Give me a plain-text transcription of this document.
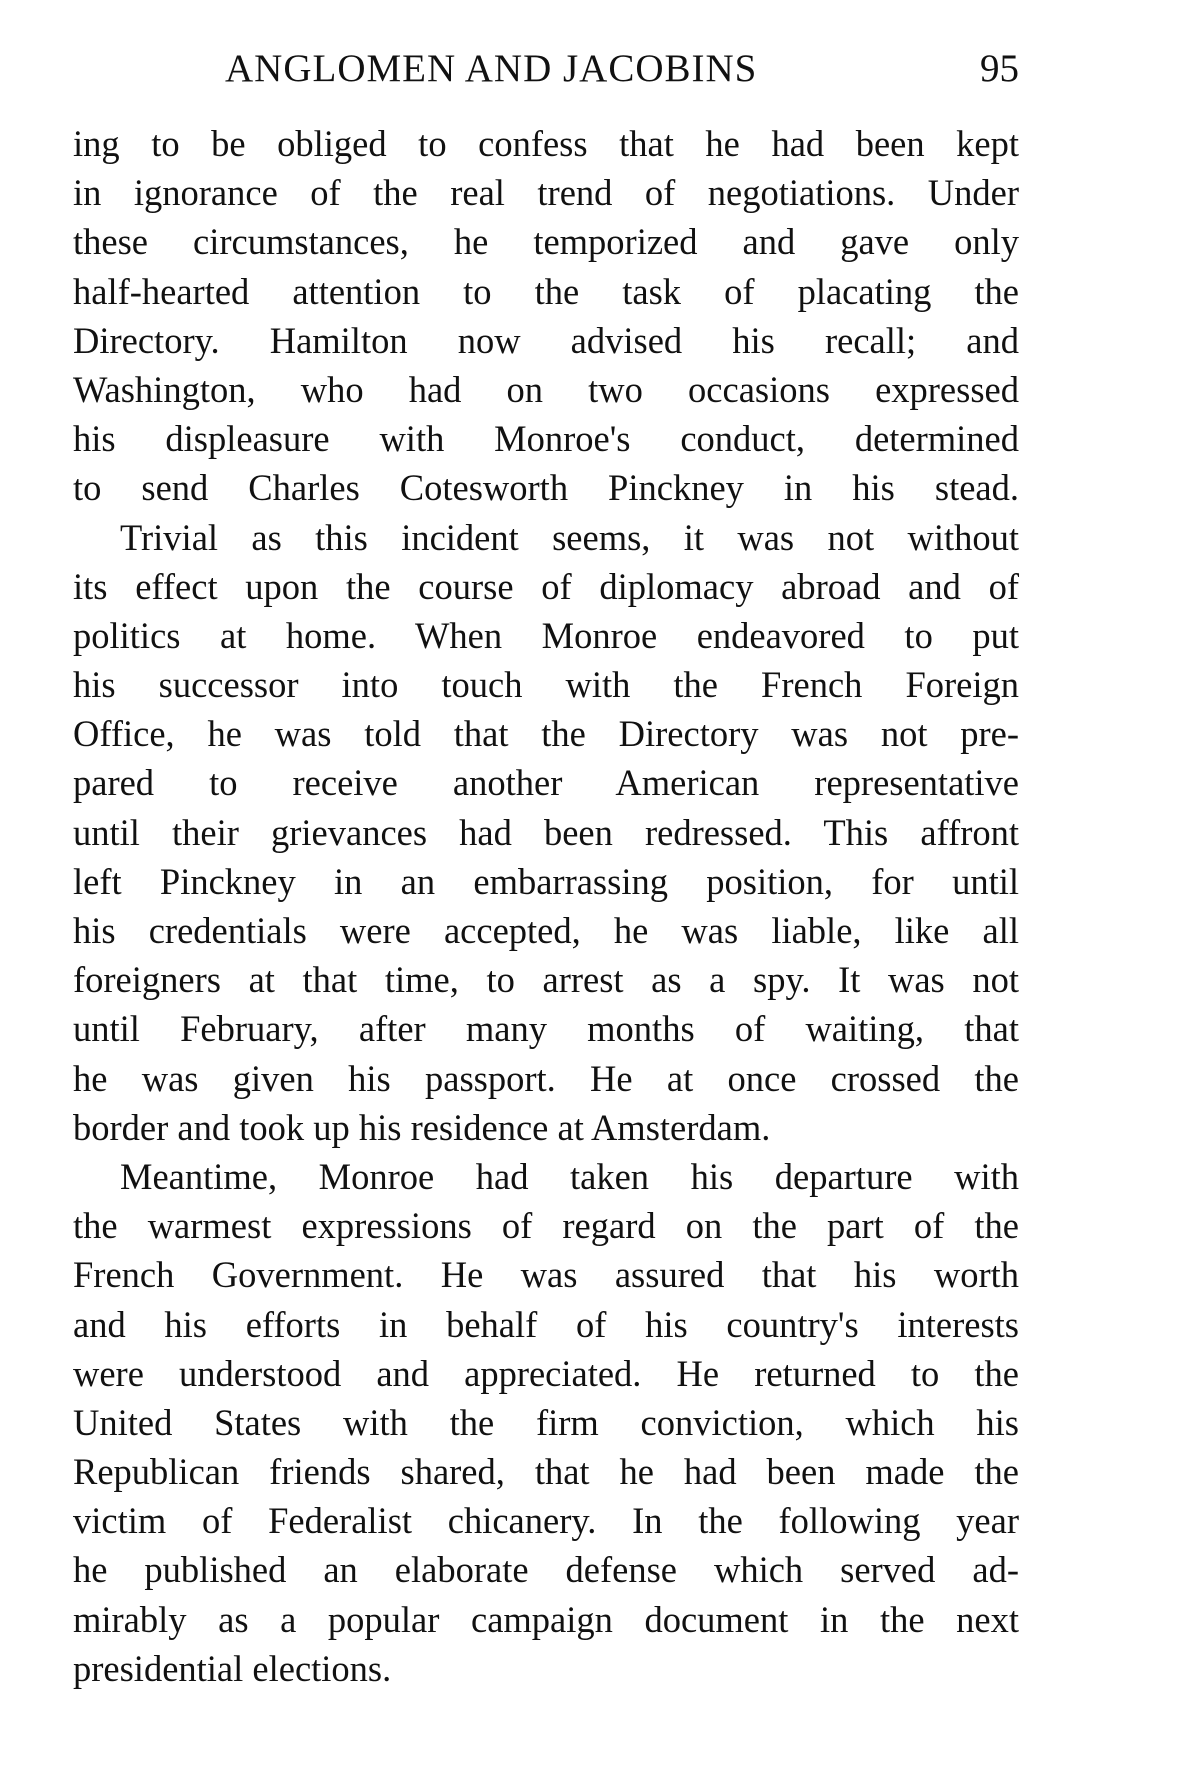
ANGLOMEN AND JACOBINS	95
ing to be obliged to confess that he had been kept
in ignorance of the real trend of negotiations. Under
these circumstances, he temporized and gave only
half-hearted attention to the task of placating the
Directory. Hamilton now advised his recall; and
Washington, who had on two occasions expressed
his displeasure with Monroe's conduct, determined
to send Charles Cotesworth Pinckney in his stead.
Trivial as this incident seems, it was not without
its effect upon the course of diplomacy abroad and of
politics at home. When Monroe endeavored to put
his successor into touch with the French Foreign
Office, he was told that the Directory was not pre-
pared to receive another American representative
until their grievances had been redressed. This affront
left Pinckney in an embarrassing position, for until
his credentials were accepted, he was liable, like all
foreigners at that time, to arrest as a spy. It was not
until February, after many months of waiting, that
he was given his passport. He at once crossed the
border and took up his residence at Amsterdam.
Meantime, Monroe had taken his departure with
the warmest expressions of regard on the part of the
French Government. He was assured that his worth
and his efforts in behalf of his country's interests
were understood and appreciated. He returned to the
United States with the firm conviction, which his
Republican friends shared, that he had been made the
victim of Federalist chicanery. In the following year
he published an elaborate defense which served ad-
mirably as a popular campaign document in the next
presidential elections.
